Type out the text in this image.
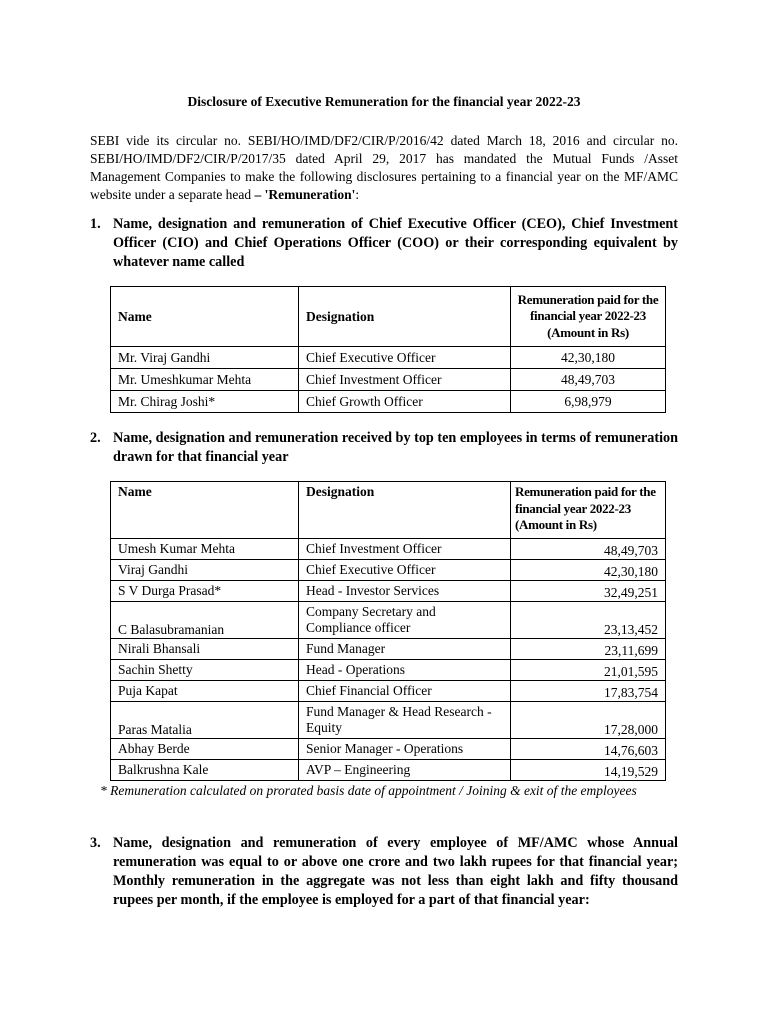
Disclosure of Executive Remuneration for the financial year 2022-23

SEBI vide its circular no. SEBI/HO/IMD/DF2/CIR/P/2016/42 dated March 18, 2016 and circular no. SEBI/HO/IMD/DF2/CIR/P/2017/35 dated April 29, 2017 has mandated the Mutual Funds /Asset Management Companies to make the following disclosures pertaining to a financial year on the MF/AMC website under a separate head – 'Remuneration':

1. Name, designation and remuneration of Chief Executive Officer (CEO), Chief Investment Officer (CIO) and Chief Operations Officer (COO) or their corresponding equivalent by whatever name called
Name	Designation	Remuneration paid for the financial year 2022-23 (Amount in Rs)
Mr. Viraj Gandhi	Chief Executive Officer	42,30,180
Mr. Umeshkumar Mehta	Chief Investment Officer	48,49,703
Mr. Chirag Joshi*	Chief Growth Officer	6,98,979
2. Name, designation and remuneration received by top ten employees in terms of remuneration drawn for that financial year
Name	Designation	Remuneration paid for the financial year 2022-23 (Amount in Rs)
Umesh Kumar Mehta	Chief Investment Officer	48,49,703
Viraj Gandhi	Chief Executive Officer	42,30,180
S V Durga Prasad*	Head - Investor Services	32,49,251
C Balasubramanian	Company Secretary and Compliance officer	23,13,452
Nirali Bhansali	Fund Manager	23,11,699
Sachin Shetty	Head - Operations	21,01,595
Puja Kapat	Chief Financial Officer	17,83,754
Paras Matalia	Fund Manager & Head Research - Equity	17,28,000
Abhay Berde	Senior Manager - Operations	14,76,603
Balkrushna Kale	AVP – Engineering	14,19,529
* Remuneration calculated on prorated basis date of appointment / Joining & exit of the employees
3. Name, designation and remuneration of every employee of MF/AMC whose Annual remuneration was equal to or above one crore and two lakh rupees for that financial year; Monthly remuneration in the aggregate was not less than eight lakh and fifty thousand rupees per month, if the employee is employed for a part of that financial year:
